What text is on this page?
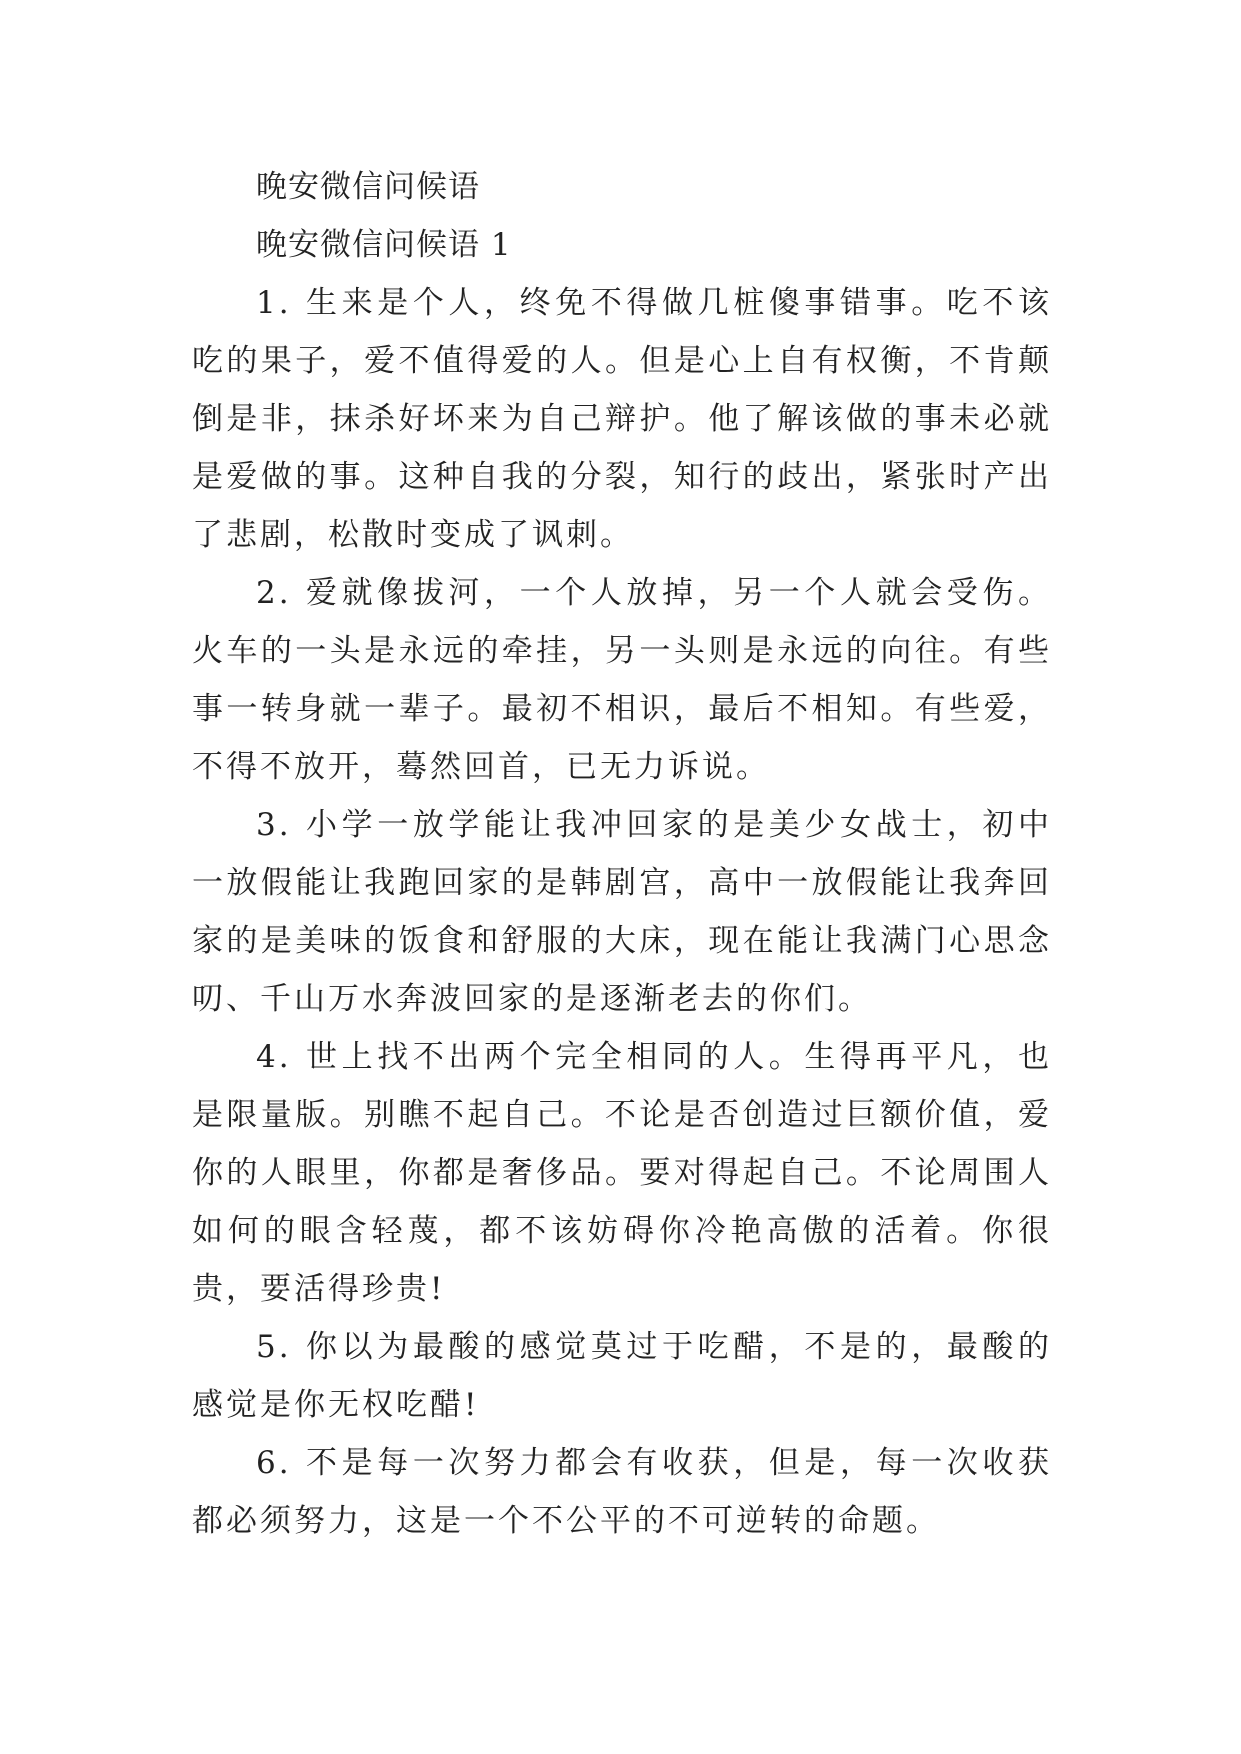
晚安微信问候语
晚安微信问候语 1

1. 生来是个人，终免不得做几桩傻事错事。吃不该吃的果子，爱不值得爱的人。但是心上自有权衡，不肯颠倒是非，抹杀好坏来为自己辩护。他了解该做的事未必就是爱做的事。这种自我的分裂，知行的歧出，紧张时产出了悲剧，松散时变成了讽刺。

2. 爱就像拔河，一个人放掉，另一个人就会受伤。火车的一头是永远的牵挂，另一头则是永远的向往。有些事一转身就一辈子。最初不相识，最后不相知。有些爱，不得不放开，蓦然回首，已无力诉说。

3. 小学一放学能让我冲回家的是美少女战士，初中一放假能让我跑回家的是韩剧宫，高中一放假能让我奔回家的是美味的饭食和舒服的大床，现在能让我满门心思念叨、千山万水奔波回家的是逐渐老去的你们。

4. 世上找不出两个完全相同的人。生得再平凡，也是限量版。别瞧不起自己。不论是否创造过巨额价值，爱你的人眼里，你都是奢侈品。要对得起自己。不论周围人如何的眼含轻蔑，都不该妨碍你冷艳高傲的活着。你很贵，要活得珍贵!

5. 你以为最酸的感觉莫过于吃醋，不是的，最酸的感觉是你无权吃醋!

6. 不是每一次努力都会有收获，但是，每一次收获都必须努力，这是一个不公平的不可逆转的命题。
